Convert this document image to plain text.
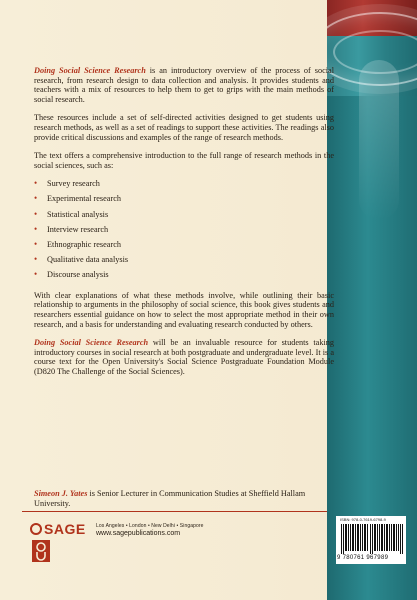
Doing Social Science Research is an introductory overview of the process of social research, from research design to data collection and analysis. It provides students and teachers with a mix of resources to help them to get to grips with the main methods of social research.

These resources include a set of self-directed activities designed to get students using research methods, as well as a set of readings to support these activities. The readings also provide critical discussions and examples of the range of research methods.

The text offers a comprehensive introduction to the full range of research methods in the social sciences, such as:

• Survey research
• Experimental research
• Statistical analysis
• Interview research
• Ethnographic research
• Qualitative data analysis
• Discourse analysis

With clear explanations of what these methods involve, while outlining their basic relationship to arguments in the philosophy of social science, this book gives students and researchers essential guidance on how to select the most appropriate method in their own research, and a basis for understanding and evaluating research conducted by others.

Doing Social Science Research will be an invaluable resource for students taking introductory courses in social research at both postgraduate and undergraduate level. It is a course text for the Open University's Social Science Postgraduate Foundation Module (D820 The Challenge of the Social Sciences).

Simeon J. Yates is Senior Lecturer in Communication Studies at Sheffield Hallam University.
SAGE Los Angeles • London • New Delhi • Singapore
www.sagepublications.com
ISBN: 978-0-7619-6798-9
9 780761 967989
